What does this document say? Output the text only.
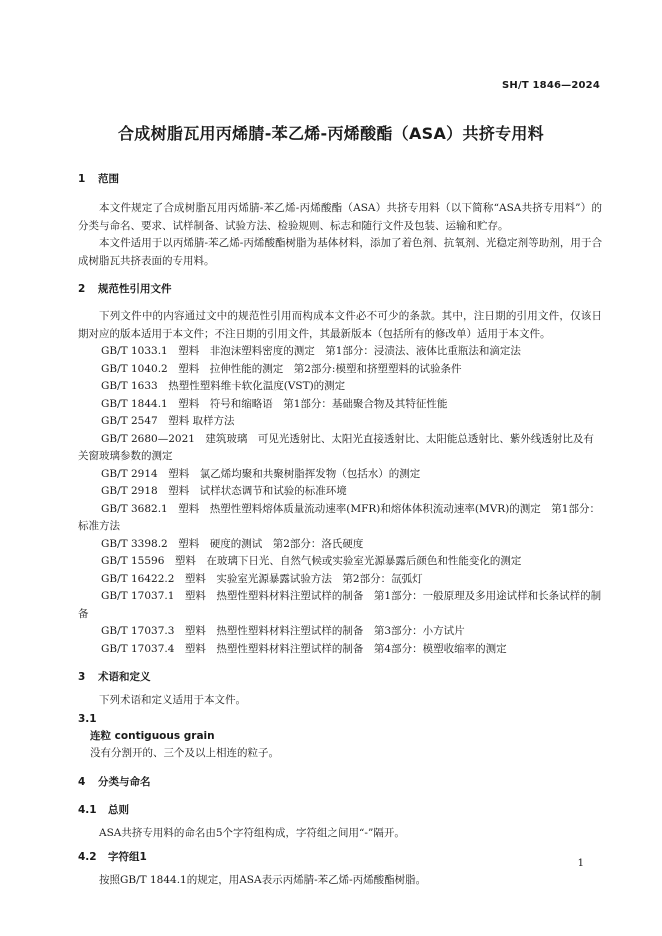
SH/T 1846—2024
合成树脂瓦用丙烯腈-苯乙烯-丙烯酸酯（ASA）共挤专用料
1 范围
本文件规定了合成树脂瓦用丙烯腈-苯乙烯-丙烯酸酯（ASA）共挤专用料（以下简称“ASA共挤专用料”）的分类与命名、要求、试样制备、试验方法、检验规则、标志和随行文件及包装、运输和贮存。
本文件适用于以丙烯腈-苯乙烯-丙烯酸酯树脂为基体材料，添加了着色剂、抗氧剂、光稳定剂等助剂，用于合成树脂瓦共挤表面的专用料。
2 规范性引用文件
下列文件中的内容通过文中的规范性引用而构成本文件必不可少的条款。其中，注日期的引用文件，仅该日期对应的版本适用于本文件；不注日期的引用文件，其最新版本（包括所有的修改单）适用于本文件。
GB/T 1033.1　塑料　非泡沫塑料密度的测定　第1部分：浸渍法、液体比重瓶法和滴定法
GB/T 1040.2　塑料　拉伸性能的测定　第2部分:模塑和挤塑塑料的试验条件
GB/T 1633　热塑性塑料维卡软化温度(VST)的测定
GB/T 1844.1　塑料　符号和缩略语　第1部分：基础聚合物及其特征性能
GB/T 2547　塑料 取样方法
GB/T 2680—2021　建筑玻璃　可见光透射比、太阳光直接透射比、太阳能总透射比、紫外线透射比及有关窗玻璃参数的测定
GB/T 2914　塑料　氯乙烯均聚和共聚树脂挥发物（包括水）的测定
GB/T 2918　塑料　试样状态调节和试验的标准环境
GB/T 3682.1　塑料　热塑性塑料熔体质量流动速率(MFR)和熔体体积流动速率(MVR)的测定　第1部分：标准方法
GB/T 3398.2　塑料　硬度的测试　第2部分：洛氏硬度
GB/T 15596　塑料　在玻璃下日光、自然气候或实验室光源暴露后颜色和性能变化的测定
GB/T 16422.2　塑料　实验室光源暴露试验方法　第2部分：氙弧灯
GB/T 17037.1　塑料　热塑性塑料材料注塑试样的制备　第1部分：一般原理及多用途试样和长条试样的制备
GB/T 17037.3　塑料　热塑性塑料材料注塑试样的制备　第3部分：小方试片
GB/T 17037.4　塑料　热塑性塑料材料注塑试样的制备　第4部分：模塑收缩率的测定
3 术语和定义
下列术语和定义适用于本文件。
3.1
连粒 contiguous grain
没有分割开的、三个及以上相连的粒子。
4 分类与命名
4.1 总则
ASA共挤专用料的命名由5个字符组构成，字符组之间用“-”隔开。
4.2 字符组1
按照GB/T 1844.1的规定，用ASA表示丙烯腈-苯乙烯-丙烯酸酯树脂。
1
